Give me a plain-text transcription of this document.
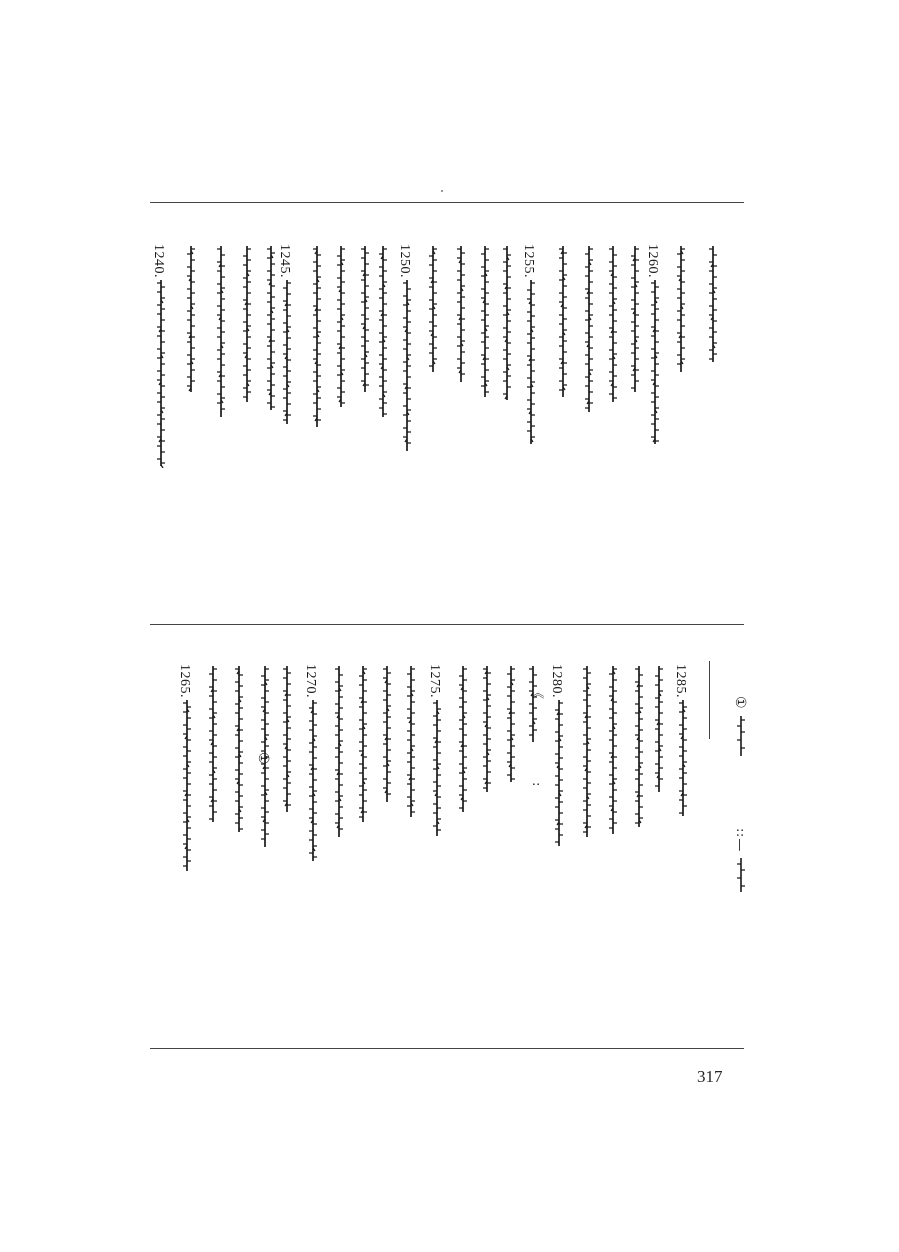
1240.	1245.	1250.	1255.	1260.
1265.	1270.	1275.	1280.	1285.
①
《
::
:
①
—
317
